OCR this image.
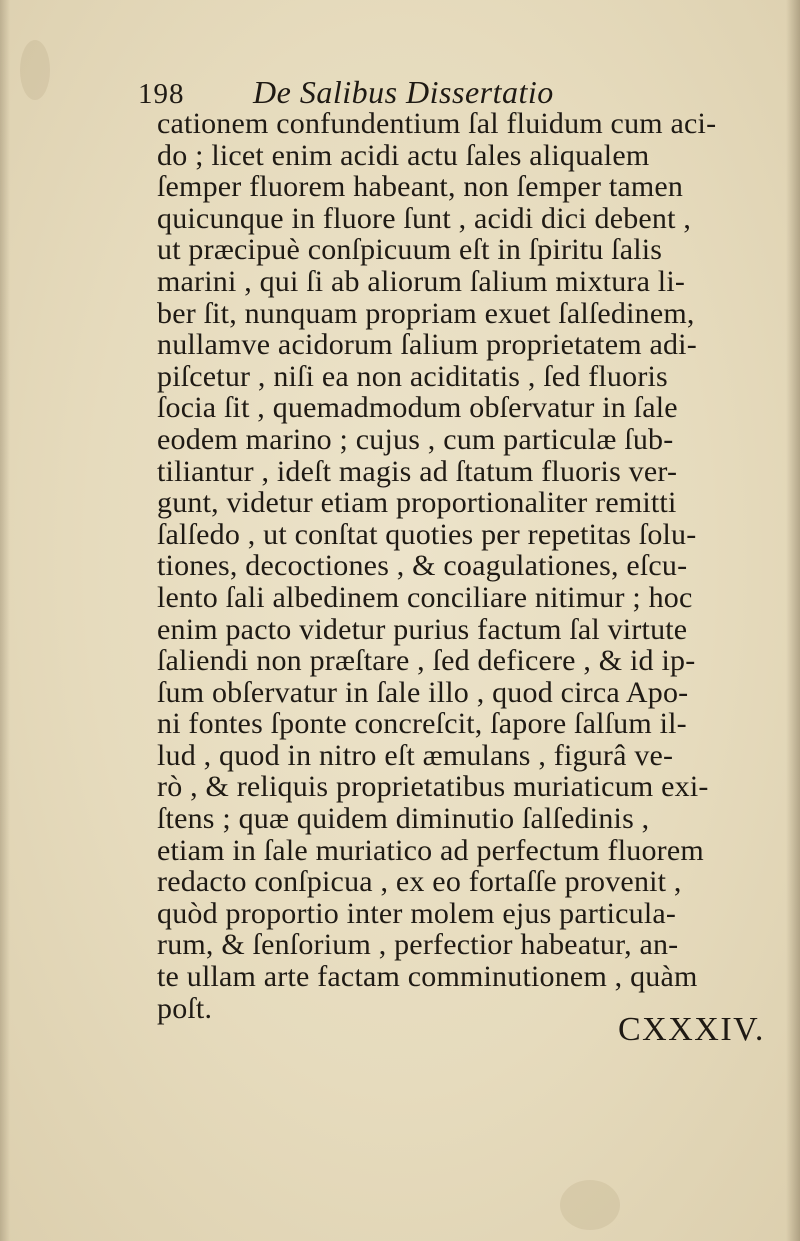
198 De Salibus Dissertatio
cationem confundentium ſal fluidum cum aci-
do ; licet enim acidi actu ſales aliqualem
ſemper fluorem habeant, non ſemper tamen
quicunque in fluore ſunt , acidi dici debent ,
ut præcipuè conſpicuum eſt in ſpiritu ſalis
marini , qui ſi ab aliorum ſalium mixtura li-
ber ſit, nunquam propriam exuet ſalſedinem,
nullamve acidorum ſalium proprietatem adi-
piſcetur , niſi ea non aciditatis , ſed fluoris
ſocia ſit , quemadmodum obſervatur in ſale
eodem marino ; cujus , cum particulæ ſub-
tiliantur , ideſt magis ad ſtatum fluoris ver-
gunt, videtur etiam proportionaliter remitti
ſalſedo , ut conſtat quoties per repetitas ſolu-
tiones, decoctiones , & coagulationes, eſcu-
lento ſali albedinem conciliare nitimur ; hoc
enim pacto videtur purius factum ſal virtute
ſaliendi non præſtare , ſed deficere , & id ip-
ſum obſervatur in ſale illo , quod circa Apo-
ni fontes ſponte concreſcit, ſapore ſalſum il-
lud , quod in nitro eſt æmulans , figurâ ve-
rò , & reliquis proprietatibus muriaticum exi-
ſtens ; quæ quidem diminutio ſalſedinis ,
etiam in ſale muriatico ad perfectum fluorem
redacto conſpicua , ex eo fortaſſe provenit ,
quòd proportio inter molem ejus particula-
rum, & ſenſorium , perfectior habeatur, an-
te ullam arte factam comminutionem , quàm
poſt.
CXXXIV.
